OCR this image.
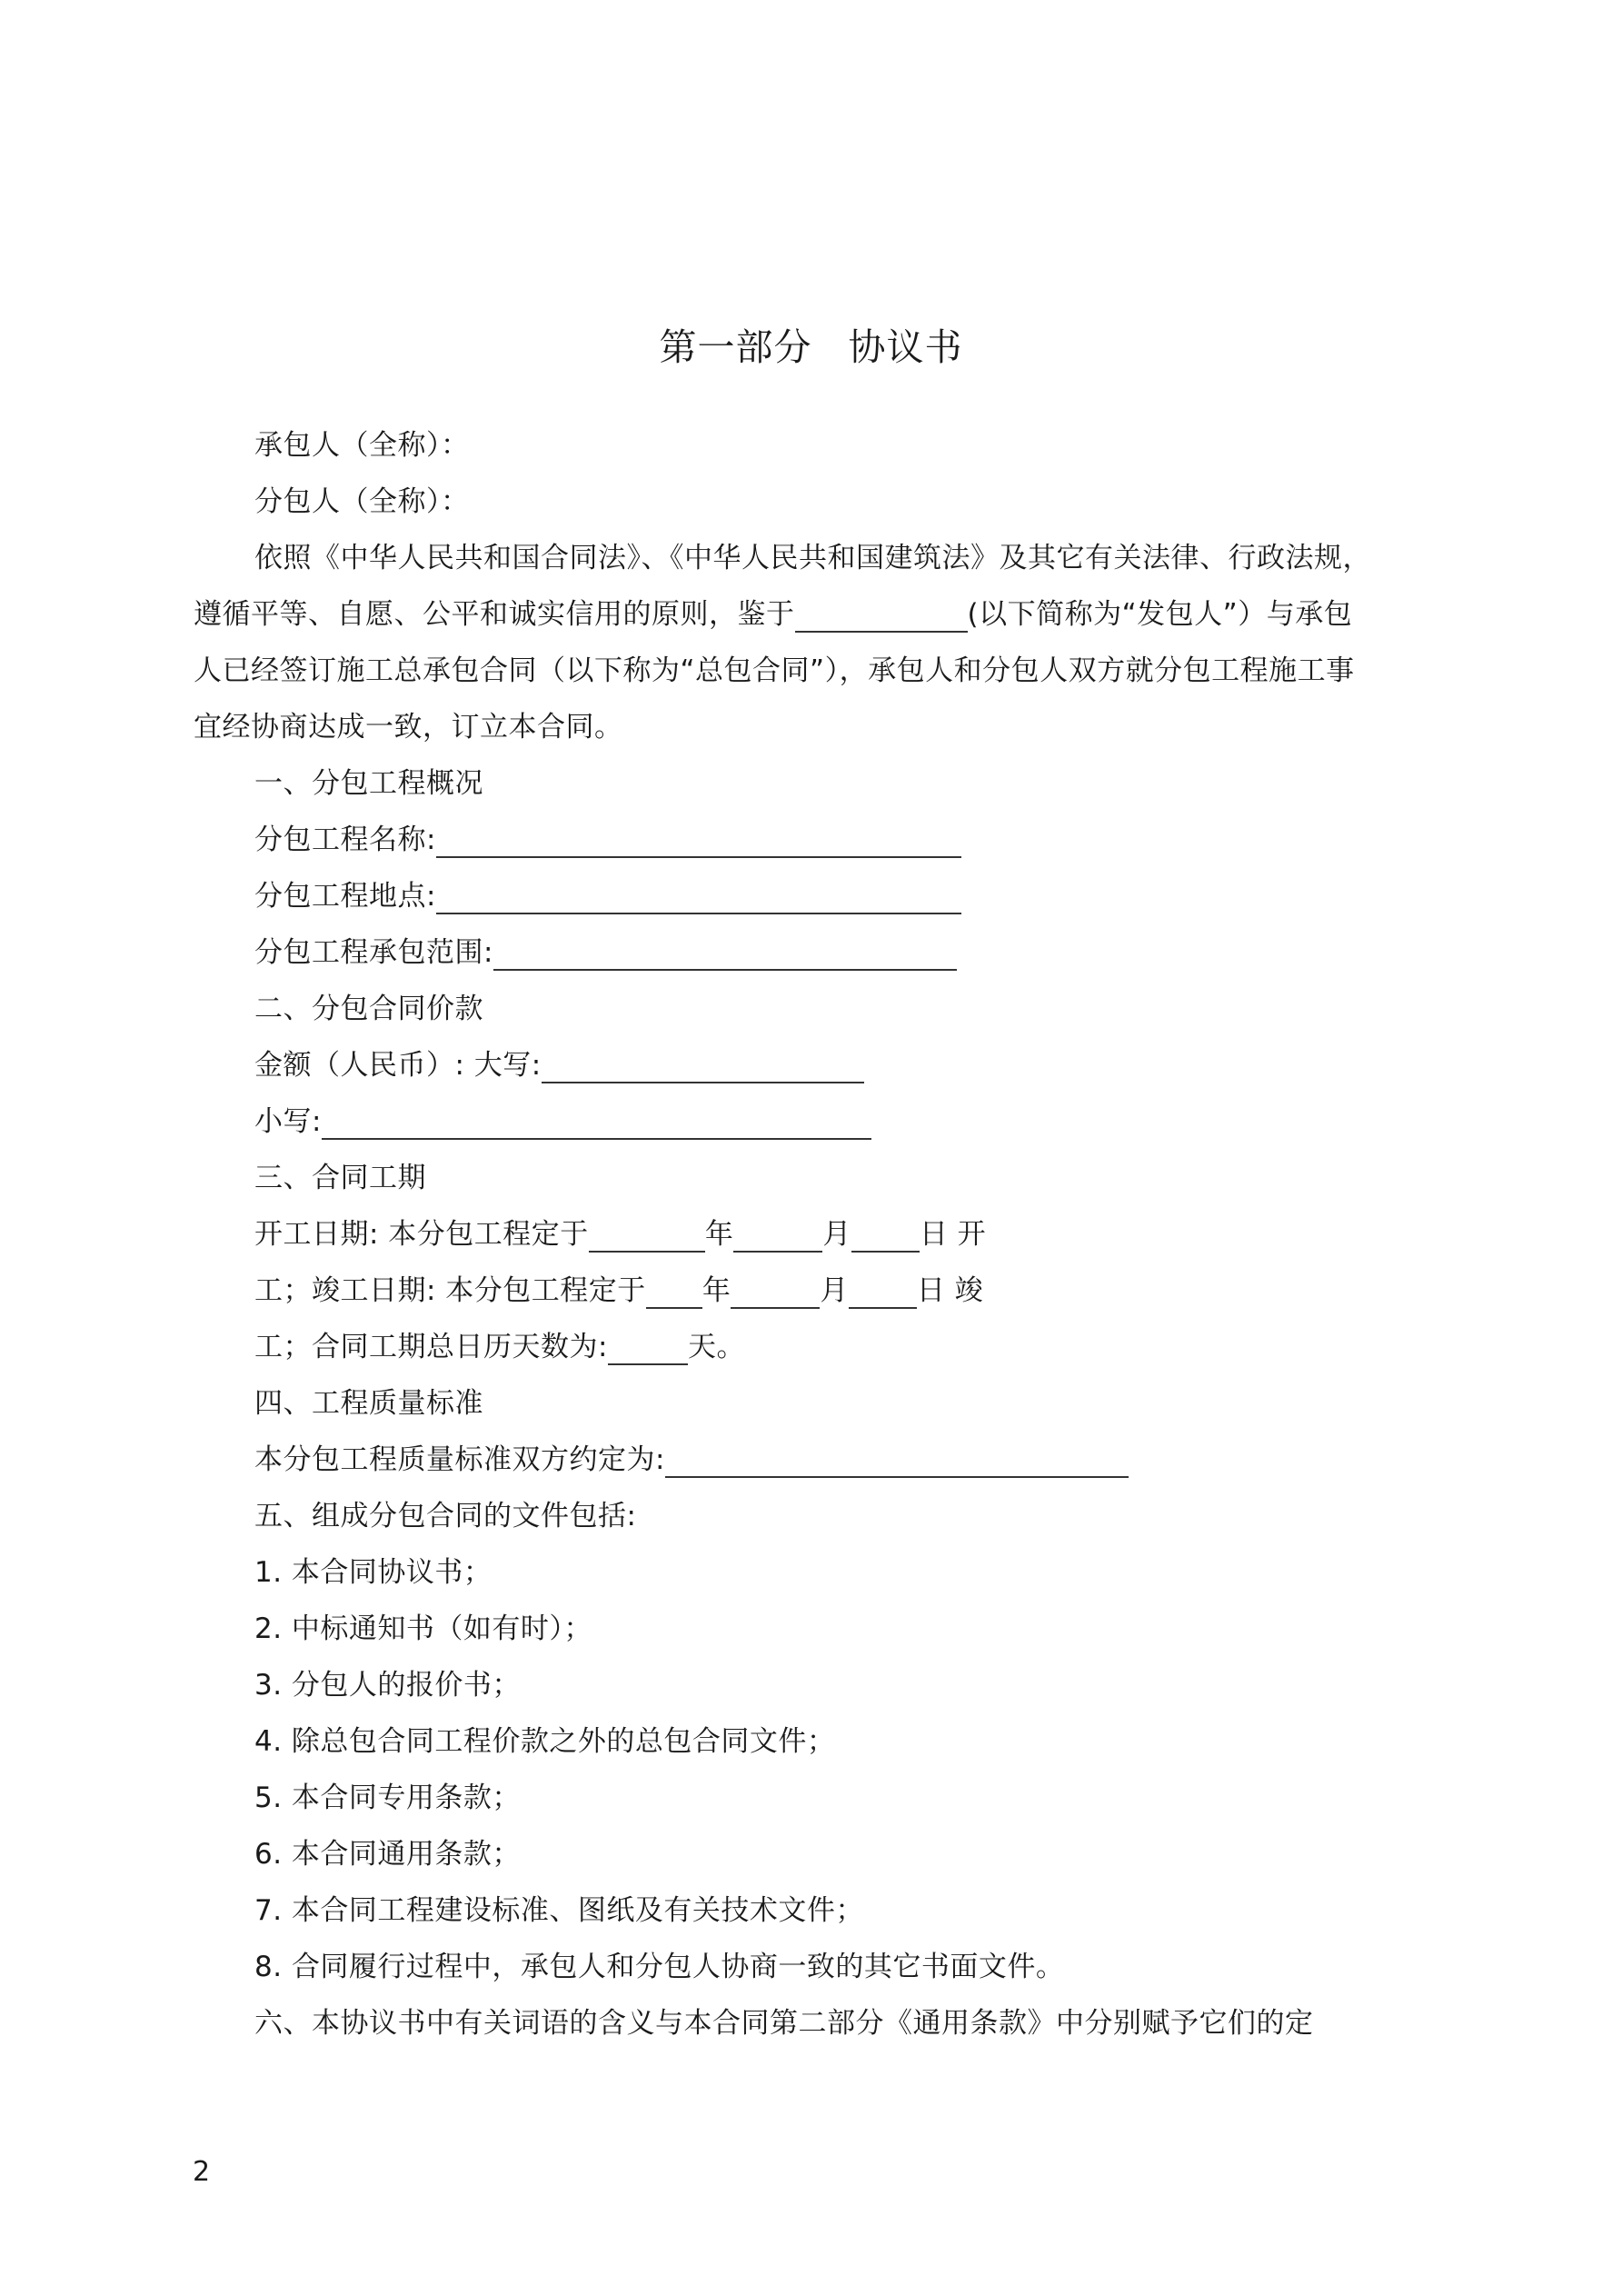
第一部分 协议书
承包人（全称）：
分包人（全称）：
依照《中华人民共和国合同法》、《中华人民共和国建筑法》及其它有关法律、行政法规，
遵循平等、自愿、公平和诚实信用的原则，鉴于	(以下简称为“发包人”）与承包
人已经签订施工总承包合同（以下称为“总包合同”），承包人和分包人双方就分包工程施工事
宜经协商达成一致，订立本合同。
一、分包工程概况
分包工程名称:
分包工程地点:
分包工程承包范围:
二、分包合同价款
金额（人民币）: 大写:
小写:
三、合同工期
开工日期: 本分包工程定于	年	月 日 开
工；竣工日期: 本分包工程定于 年	月 日 竣
工；合同工期总日历天数为:	天。
四、工程质量标准
本分包工程质量标准双方约定为:
五、组成分包合同的文件包括:
1. 本合同协议书；
2. 中标通知书（如有时）；
3. 分包人的报价书；
4. 除总包合同工程价款之外的总包合同文件；
5. 本合同专用条款；
6. 本合同通用条款；
7. 本合同工程建设标准、图纸及有关技术文件；
8. 合同履行过程中，承包人和分包人协商一致的其它书面文件。
六、本协议书中有关词语的含义与本合同第二部分《通用条款》中分别赋予它们的定
2
